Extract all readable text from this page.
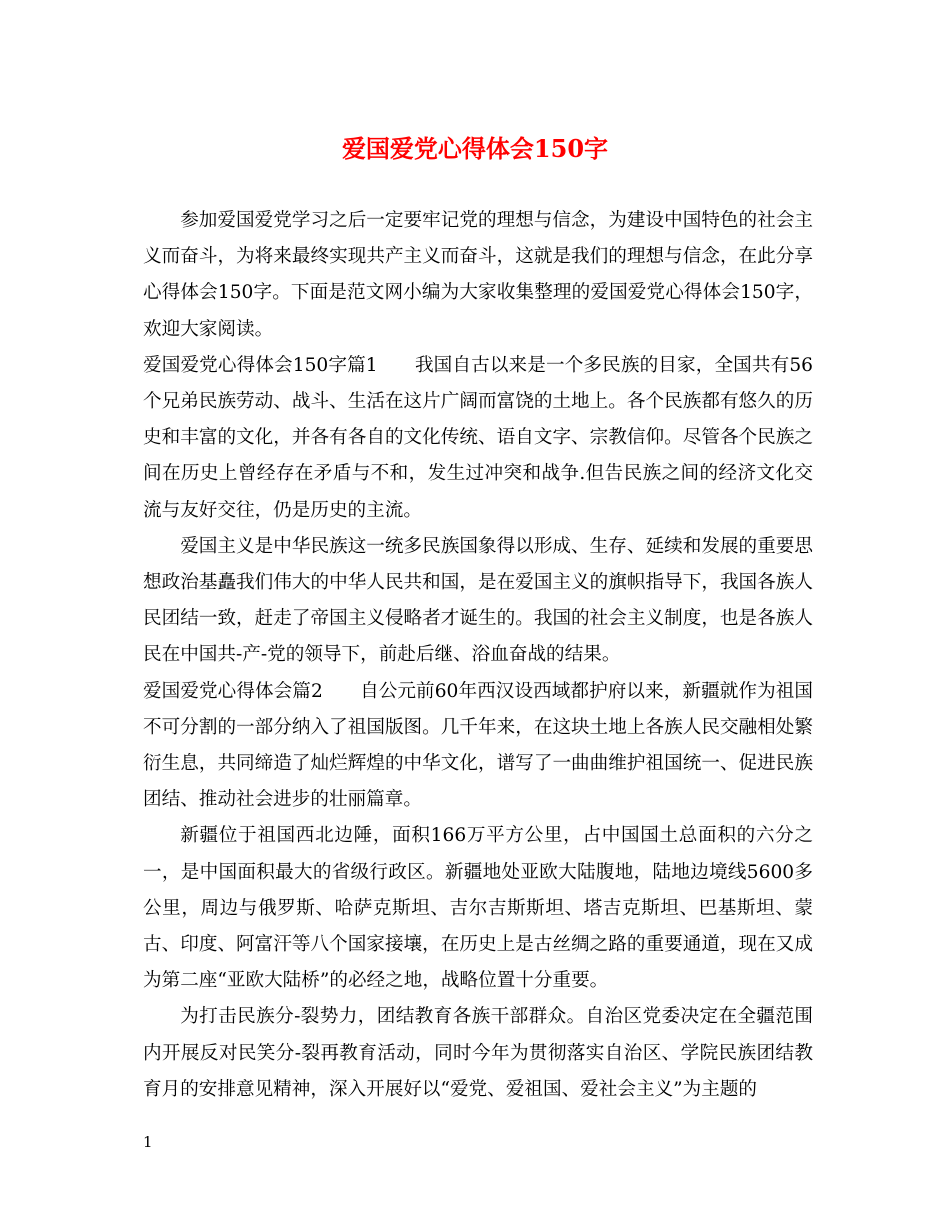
爱国爱党心得体会150字

参加爱国爱党学习之后一定要牢记党的理想与信念，为建设中国特色的社会主义而奋斗，为将来最终实现共产主义而奋斗，这就是我们的理想与信念，在此分享心得体会150字。下面是范文网小编为大家收集整理的爱国爱党心得体会150字，欢迎大家阅读。

爱国爱党心得体会150字篇1 我国自古以来是一个多民族的目家，全国共有56个兄弟民族劳动、战斗、生活在这片广阔而富饶的土地上。各个民族都有悠久的历史和丰富的文化，并各有各自的文化传统、语自文字、宗教信仰。尽管各个民族之间在历史上曾经存在矛盾与不和，发生过冲突和战争.但告民族之间的经济文化交流与友好交往，仍是历史的主流。

爱国主义是中华民族这一统多民族国象得以形成、生存、延续和发展的重要思想政治基矗我们伟大的中华人民共和国，是在爱国主义的旗帜指导下，我国各族人民团结一致，赶走了帝国主义侵略者才诞生的。我国的社会主义制度，也是各族人民在中国共-产-党的领导下，前赴后继、浴血奋战的结果。

爱国爱党心得体会篇2 自公元前60年西汉设西域都护府以来，新疆就作为祖国不可分割的一部分纳入了祖国版图。几千年来，在这块土地上各族人民交融相处繁衍生息，共同缔造了灿烂辉煌的中华文化，谱写了一曲曲维护祖国统一、促进民族团结、推动社会进步的壮丽篇章。

新疆位于祖国西北边陲，面积166万平方公里，占中国国土总面积的六分之一，是中国面积最大的省级行政区。新疆地处亚欧大陆腹地，陆地边境线5600多公里，周边与俄罗斯、哈萨克斯坦、吉尔吉斯斯坦、塔吉克斯坦、巴基斯坦、蒙古、印度、阿富汗等八个国家接壤，在历史上是古丝绸之路的重要通道，现在又成为第二座“亚欧大陆桥”的必经之地，战略位置十分重要。

为打击民族分-裂势力，团结教育各族干部群众。自治区党委决定在全疆范围内开展反对民笑分-裂再教育活动，同时今年为贯彻落实自治区、学院民族团结教育月的安排意见精神，深入开展好以“爱党、爱祖国、爱社会主义”为主题的

1
